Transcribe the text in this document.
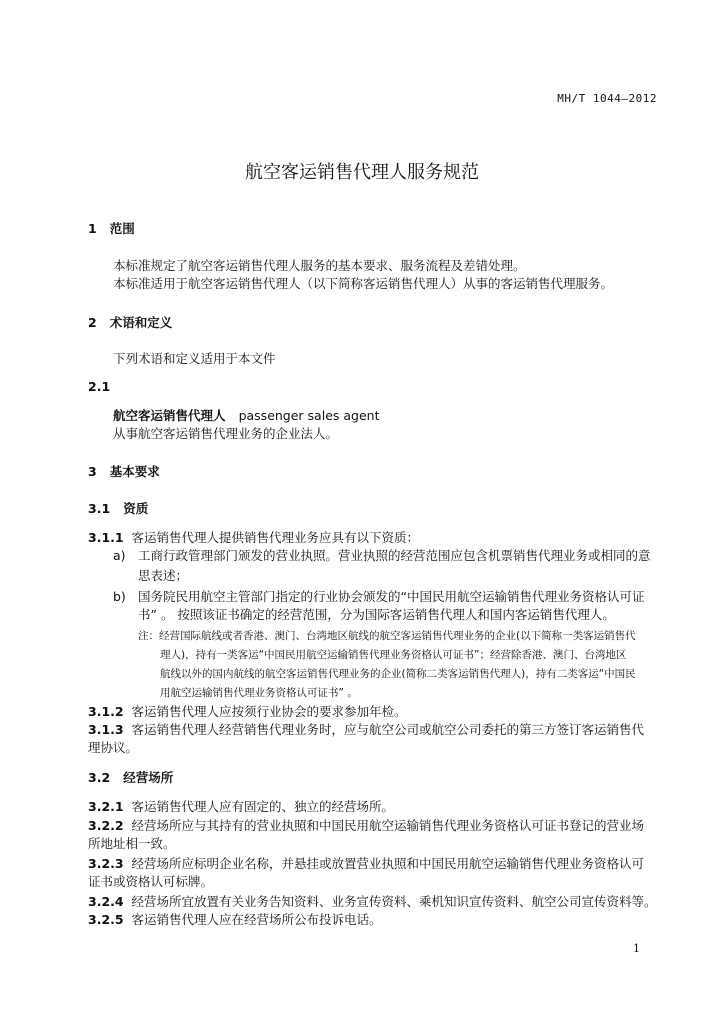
MH/T 1044—2012
航空客运销售代理人服务规范
1 范围
本标准规定了航空客运销售代理人服务的基本要求、服务流程及差错处理。
本标准适用于航空客运销售代理人（以下简称客运销售代理人）从事的客运销售代理服务。
2 术语和定义
下列术语和定义适用于本文件
2.1
航空客运销售代理人 passenger sales agent
从事航空客运销售代理业务的企业法人。
3 基本要求
3.1 资质
3.1.1 客运销售代理人提供销售代理业务应具有以下资质：
a) 工商行政管理部门颁发的营业执照。营业执照的经营范围应包含机票销售代理业务或相同的意
思表述；
b) 国务院民用航空主管部门指定的行业协会颁发的“中国民用航空运输销售代理业务资格认可证
书” 。 按照该证书确定的经营范围，分为国际客运销售代理人和国内客运销售代理人。
注：经营国际航线或者香港、澳门、台湾地区航线的航空客运销售代理业务的企业(以下简称一类客运销售代
理人)，持有一类客运“中国民用航空运输销售代理业务资格认可证书”；经营除香港、澳门、台湾地区
航线以外的国内航线的航空客运销售代理业务的企业(简称二类客运销售代理人)，持有二类客运“中国民
用航空运输销售代理业务资格认可证书” 。
3.1.2 客运销售代理人应按须行业协会的要求参加年检。
3.1.3 客运销售代理人经营销售代理业务时，应与航空公司或航空公司委托的第三方签订客运销售代
理协议。
3.2 经营场所
3.2.1 客运销售代理人应有固定的、独立的经营场所。
3.2.2 经营场所应与其持有的营业执照和中国民用航空运输销售代理业务资格认可证书登记的营业场
所地址相一致。
3.2.3 经营场所应标明企业名称，并悬挂或放置营业执照和中国民用航空运输销售代理业务资格认可
证书或资格认可标牌。
3.2.4 经营场所宜放置有关业务告知资料、业务宣传资料、乘机知识宣传资料、航空公司宣传资料等。
3.2.5 客运销售代理人应在经营场所公布投诉电话。
1
